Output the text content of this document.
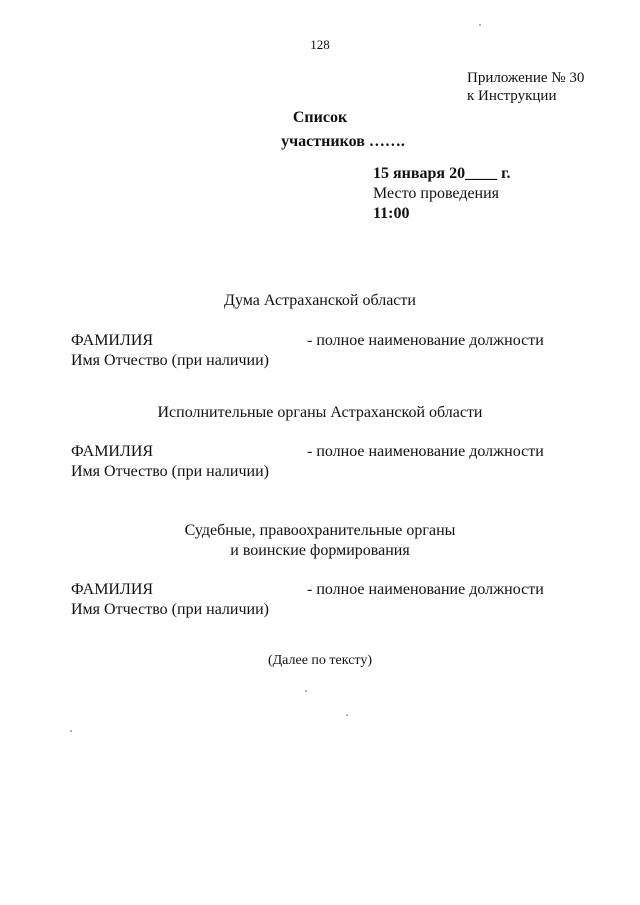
128
Приложение № 30
к Инструкции
Список
участников …….
15 января 20____ г.
Место проведения
11:00
Дума Астраханской области
ФАМИЛИЯ	- полное наименование должности
Имя Отчество (при наличии)
Исполнительные органы Астраханской области
ФАМИЛИЯ	- полное наименование должности
Имя Отчество (при наличии)
Судебные, правоохранительные органы
и воинские формирования
ФАМИЛИЯ	- полное наименование должности
Имя Отчество (при наличии)
(Далее по тексту)
